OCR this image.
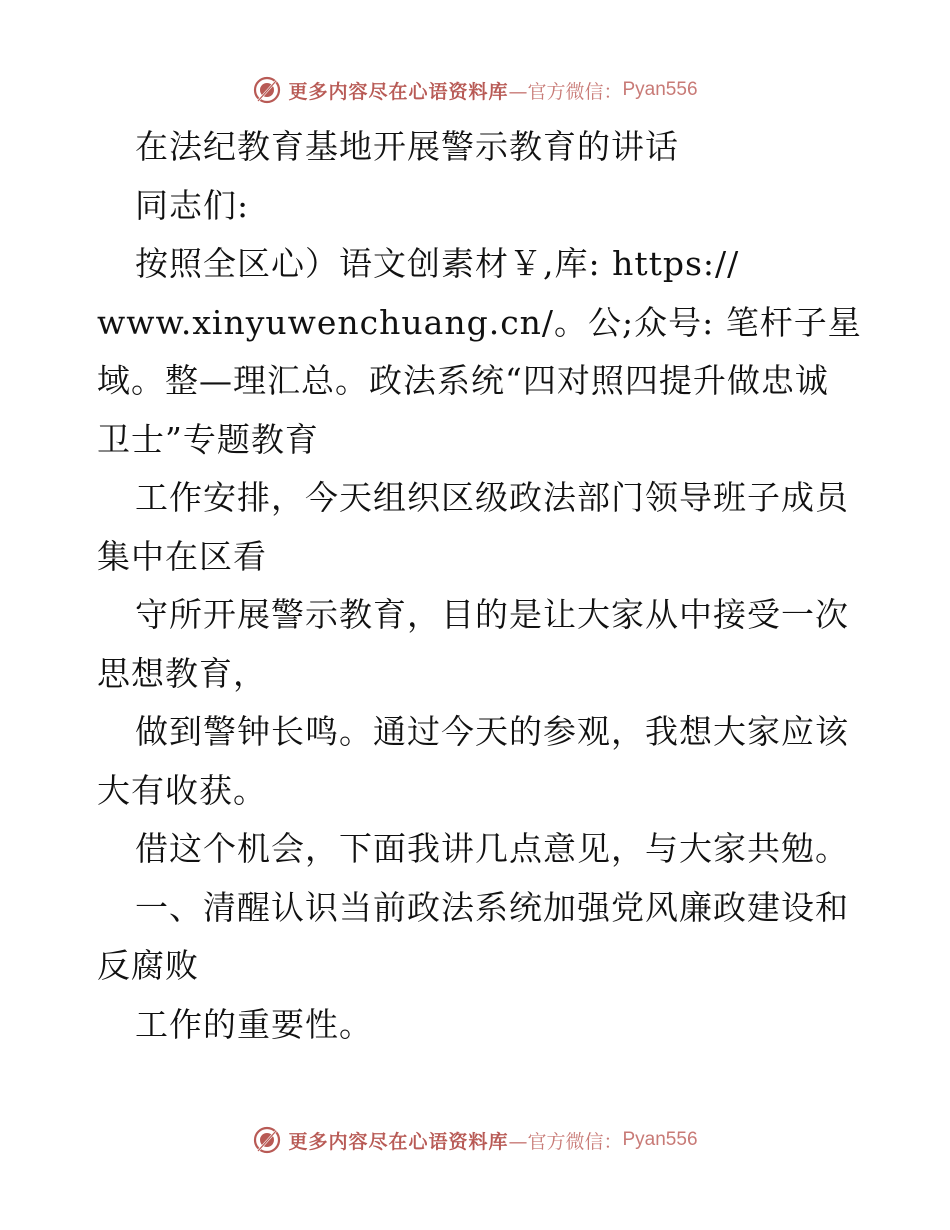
更多内容尽在心语资料库 —官方微信： Pyan556
在法纪教育基地开展警示教育的讲话
同志们:
按照全区心）语文创素材￥,库: https://
www.xinyuwenchuang.cn/。公;众号: 笔杆子星
域。整—理汇总。政法系统“四对照四提升做忠诚
卫士”专题教育
工作安排，今天组织区级政法部门领导班子成员
集中在区看
守所开展警示教育，目的是让大家从中接受一次
思想教育，
做到警钟长鸣。通过今天的参观，我想大家应该
大有收获。
借这个机会，下面我讲几点意见，与大家共勉。
一、清醒认识当前政法系统加强党风廉政建设和
反腐败
工作的重要性。
更多内容尽在心语资料库 —官方微信： Pyan556
